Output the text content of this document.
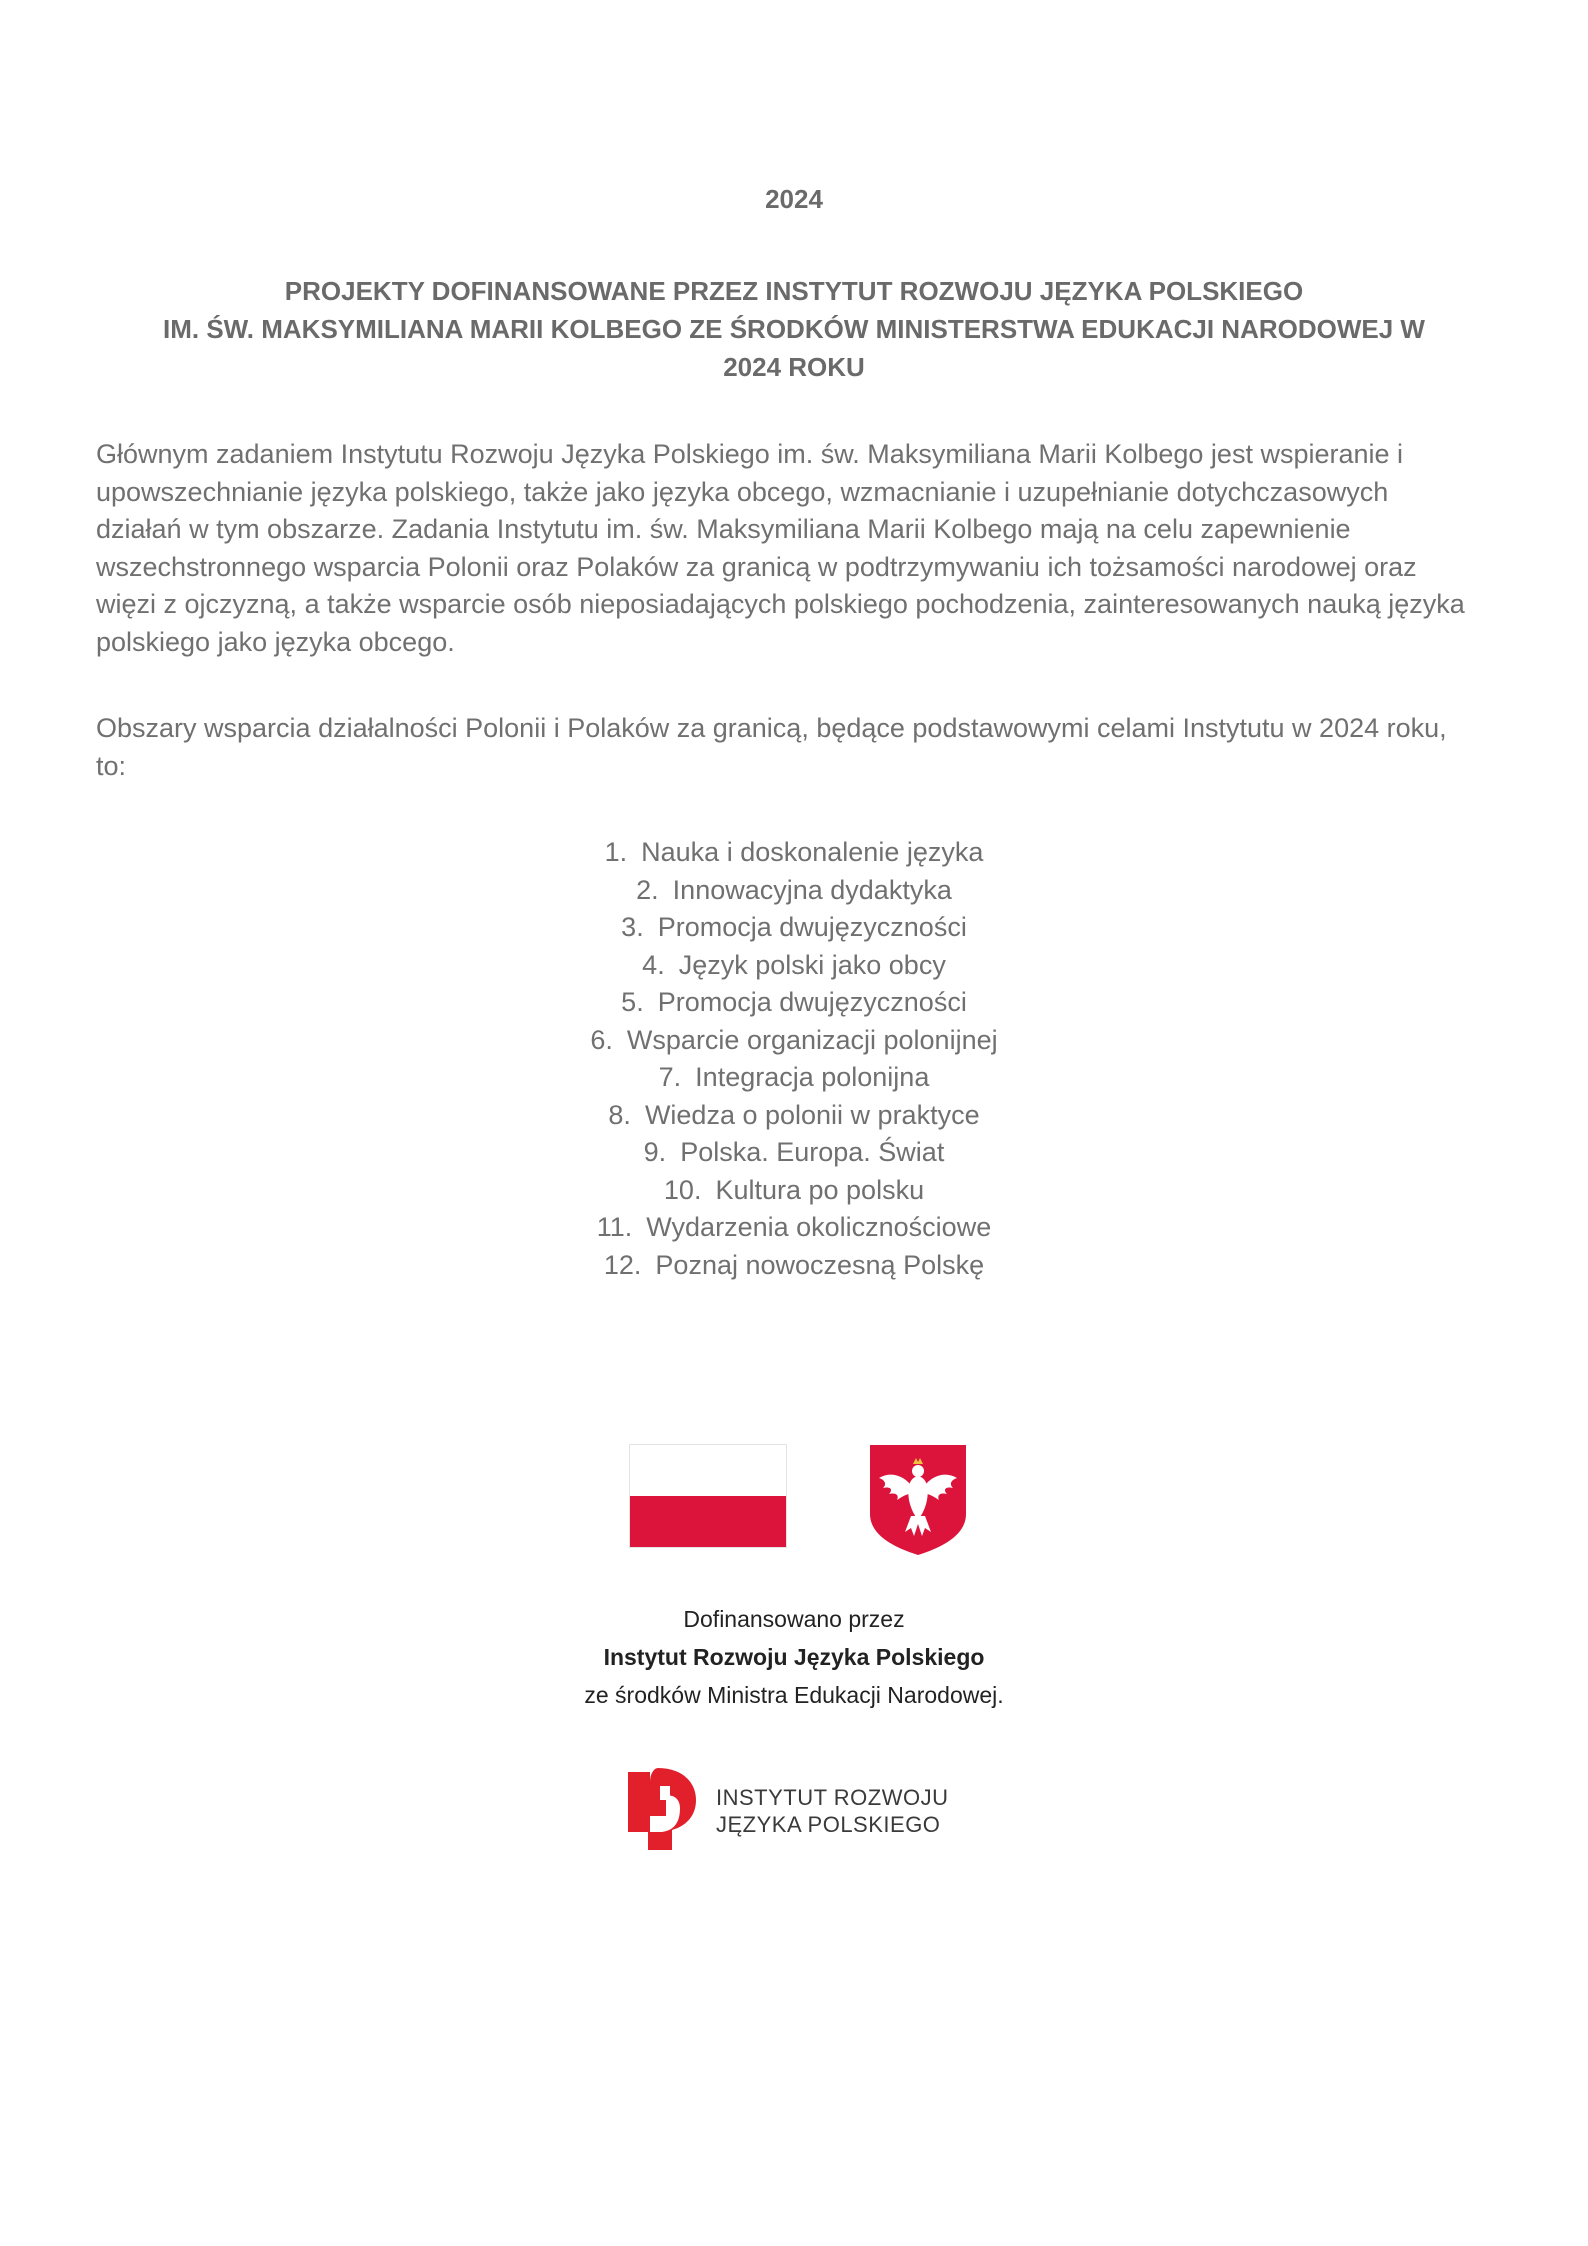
2024
PROJEKTY DOFINANSOWANE PRZEZ INSTYTUT ROZWOJU JĘZYKA POLSKIEGO
IM. ŚW. MAKSYMILIANA MARII KOLBEGO ZE ŚRODKÓW MINISTERSTWA EDUKACJI NARODOWEJ W
2024 ROKU
Głównym zadaniem Instytutu Rozwoju Języka Polskiego im. św. Maksymiliana Marii Kolbego jest wspieranie i
upowszechnianie języka polskiego, także jako języka obcego, wzmacnianie i uzupełnianie dotychczasowych
działań w tym obszarze. Zadania Instytutu im. św. Maksymiliana Marii Kolbego mają na celu zapewnienie
wszechstronnego wsparcia Polonii oraz Polaków za granicą w podtrzymywaniu ich tożsamości narodowej oraz
więzi z ojczyzną, a także wsparcie osób nieposiadających polskiego pochodzenia, zainteresowanych nauką języka
polskiego jako języka obcego.
Obszary wsparcia działalności Polonii i Polaków za granicą, będące podstawowymi celami Instytutu w 2024 roku,
to:
1. Nauka i doskonalenie języka
2. Innowacyjna dydaktyka
3. Promocja dwujęzyczności
4. Język polski jako obcy
5. Promocja dwujęzyczności
6. Wsparcie organizacji polonijnej
7. Integracja polonijna
8. Wiedza o polonii w praktyce
9. Polska. Europa. Świat
10. Kultura po polsku
11. Wydarzenia okolicznościowe
12. Poznaj nowoczesną Polskę
Dofinansowano przez
Instytut Rozwoju Języka Polskiego
ze środków Ministra Edukacji Narodowej.
INSTYTUT ROZWOJU
JĘZYKA POLSKIEGO
